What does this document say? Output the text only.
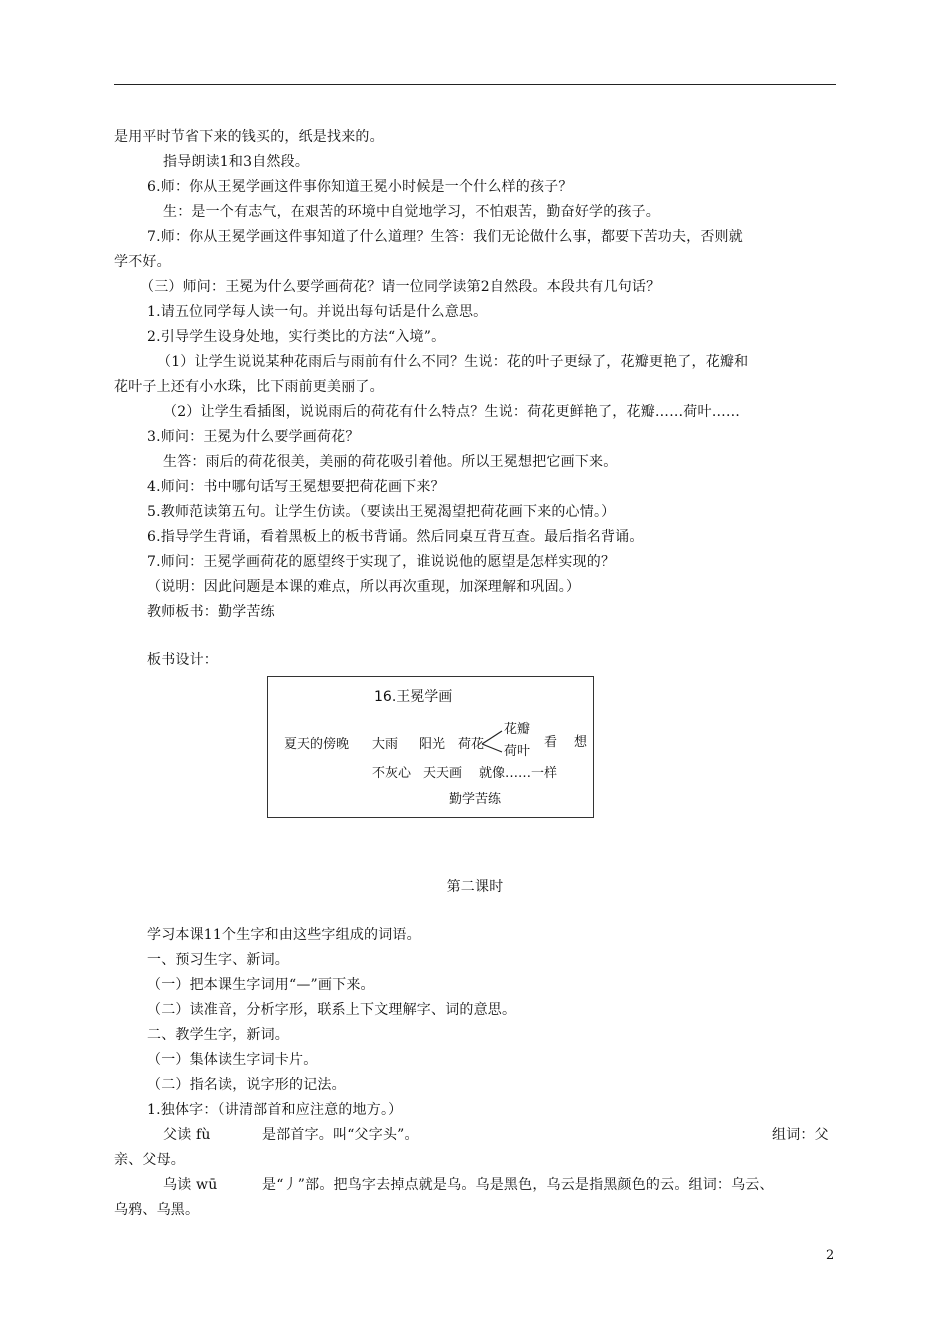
是用平时节省下来的钱买的，纸是找来的。
指导朗读1和3自然段。
6.师：你从王冕学画这件事你知道王冕小时候是一个什么样的孩子？
生：是一个有志气，在艰苦的环境中自觉地学习，不怕艰苦，勤奋好学的孩子。
7.师：你从王冕学画这件事知道了什么道理？生答：我们无论做什么事，都要下苦功夫，否则就
学不好。
（三）师问：王冕为什么要学画荷花？请一位同学读第2自然段。本段共有几句话？
1.请五位同学每人读一句。并说出每句话是什么意思。
2.引导学生设身处地，实行类比的方法“入境”。
（1）让学生说说某种花雨后与雨前有什么不同？生说：花的叶子更绿了，花瓣更艳了，花瓣和
花叶子上还有小水珠，比下雨前更美丽了。
（2）让学生看插图，说说雨后的荷花有什么特点？生说：荷花更鲜艳了，花瓣……荷叶……
3.师问：王冕为什么要学画荷花？
生答：雨后的荷花很美，美丽的荷花吸引着他。所以王冕想把它画下来。
4.师问：书中哪句话写王冕想要把荷花画下来？
5.教师范读第五句。让学生仿读。（要读出王冕渴望把荷花画下来的心情。）
6.指导学生背诵，看着黑板上的板书背诵。然后同桌互背互查。最后指名背诵。
7.师问：王冕学画荷花的愿望终于实现了，谁说说他的愿望是怎样实现的？
（说明：因此问题是本课的难点，所以再次重现，加深理解和巩固。）
教师板书：勤学苦练
板书设计：
16.王冕学画
夏天的傍晚 大雨 阳光 荷花
花瓣
荷叶
看 想
不灰心 天天画 就像……一样
勤学苦练
第二课时
学习本课11个生字和由这些字组成的词语。
一、预习生字、新词。
（一）把本课生字词用“—”画下来。
（二）读准音，分析字形，联系上下文理解字、词的意思。
二、教学生字，新词。
（一）集体读生字词卡片。
（二）指名读，说字形的记法。
1.独体字：（讲清部首和应注意的地方。）
父读 fù	是部首字。叫“父字头”。	组词：父
亲、父母。
乌读 wū	是“丿”部。把鸟字去掉点就是乌。乌是黑色，乌云是指黑颜色的云。组词：乌云、
乌鸦、乌黑。
2
